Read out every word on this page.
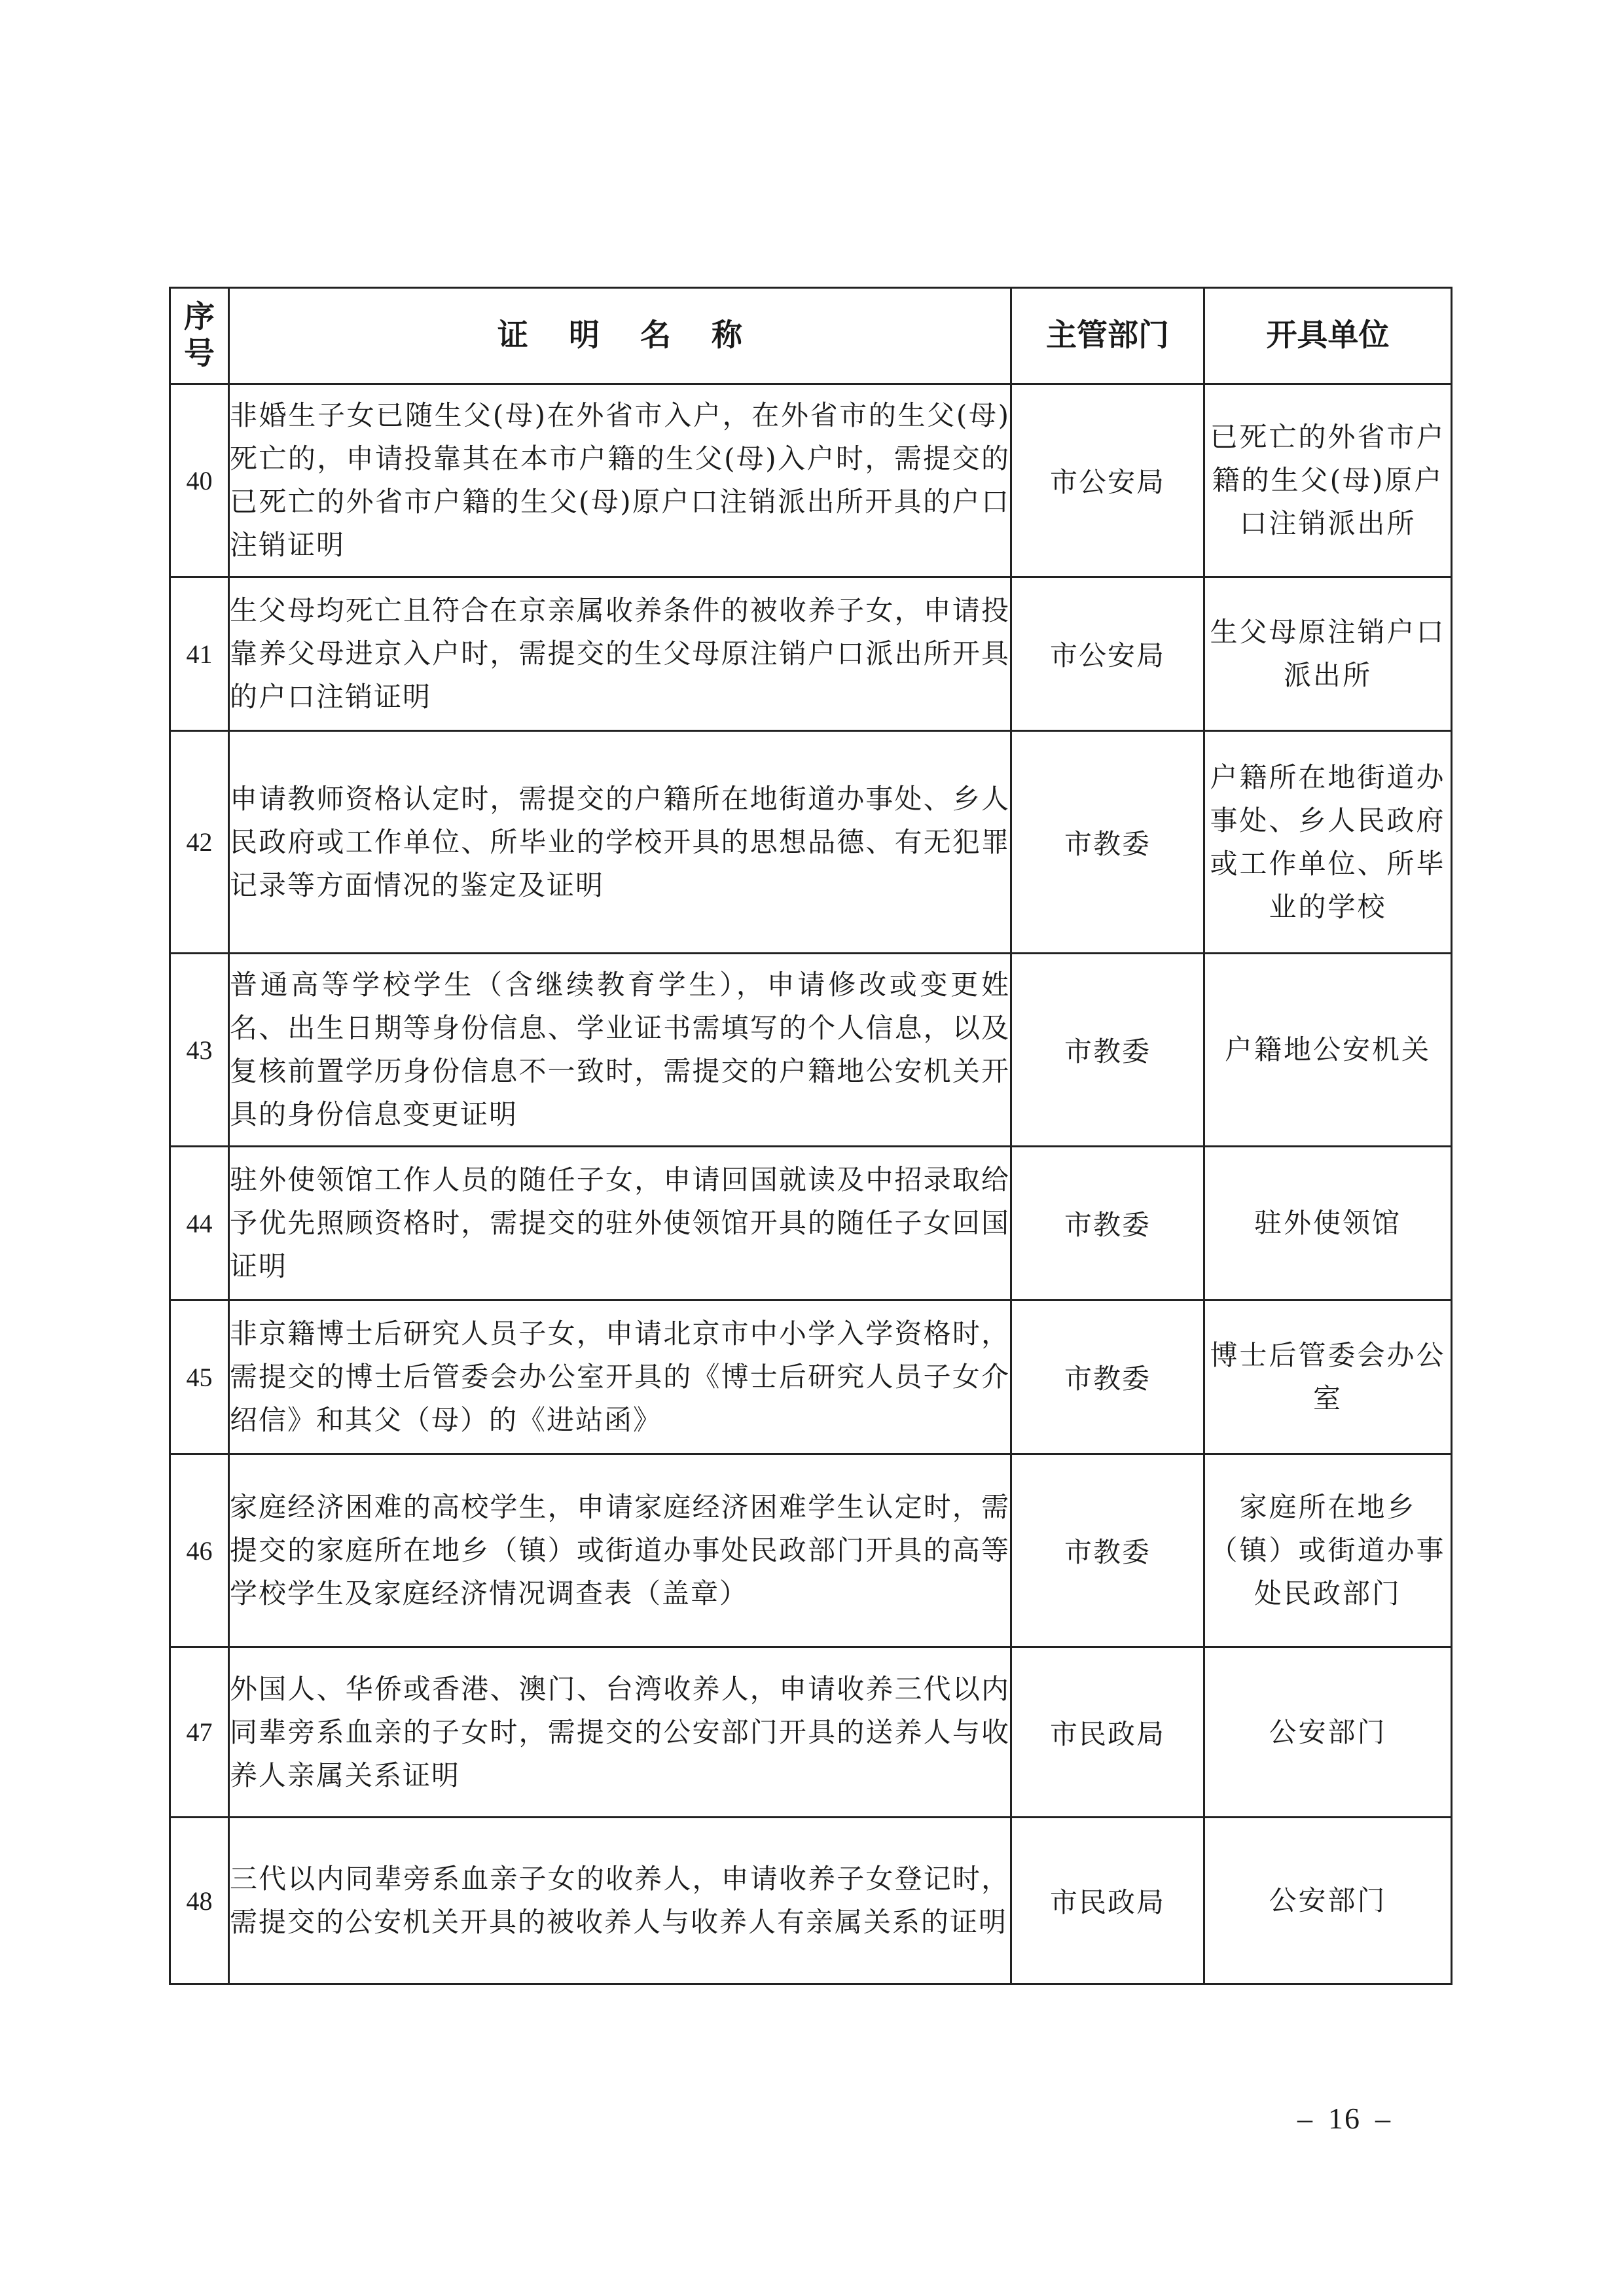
序
号	证明名称	主管部门	开具单位
40	非婚生子女已随生父(母)在外省市入户，在外省市的生父(母)死亡的，申请投靠其在本市户籍的生父(母)入户时，需提交的已死亡的外省市户籍的生父(母)原户口注销派出所开具的户口注销证明	市公安局	已死亡的外省市户籍的生父(母)原户口注销派出所
41	生父母均死亡且符合在京亲属收养条件的被收养子女，申请投靠养父母进京入户时，需提交的生父母原注销户口派出所开具的户口注销证明	市公安局	生父母原注销户口派出所
42	申请教师资格认定时，需提交的户籍所在地街道办事处、乡人民政府或工作单位、所毕业的学校开具的思想品德、有无犯罪记录等方面情况的鉴定及证明	市教委	户籍所在地街道办事处、乡人民政府或工作单位、所毕业的学校
43	普通高等学校学生（含继续教育学生），申请修改或变更姓名、出生日期等身份信息、学业证书需填写的个人信息，以及复核前置学历身份信息不一致时，需提交的户籍地公安机关开具的身份信息变更证明	市教委	户籍地公安机关
44	驻外使领馆工作人员的随任子女，申请回国就读及中招录取给予优先照顾资格时，需提交的驻外使领馆开具的随任子女回国证明	市教委	驻外使领馆
45	非京籍博士后研究人员子女，申请北京市中小学入学资格时，需提交的博士后管委会办公室开具的《博士后研究人员子女介绍信》和其父（母）的《进站函》	市教委	博士后管委会办公室
46	家庭经济困难的高校学生，申请家庭经济困难学生认定时，需提交的家庭所在地乡（镇）或街道办事处民政部门开具的高等学校学生及家庭经济情况调查表（盖章）	市教委	家庭所在地乡（镇）或街道办事处民政部门
47	外国人、华侨或香港、澳门、台湾收养人，申请收养三代以内同辈旁系血亲的子女时，需提交的公安部门开具的送养人与收养人亲属关系证明	市民政局	公安部门
48	三代以内同辈旁系血亲子女的收养人，申请收养子女登记时，需提交的公安机关开具的被收养人与收养人有亲属关系的证明	市民政局	公安部门
– 16 –
